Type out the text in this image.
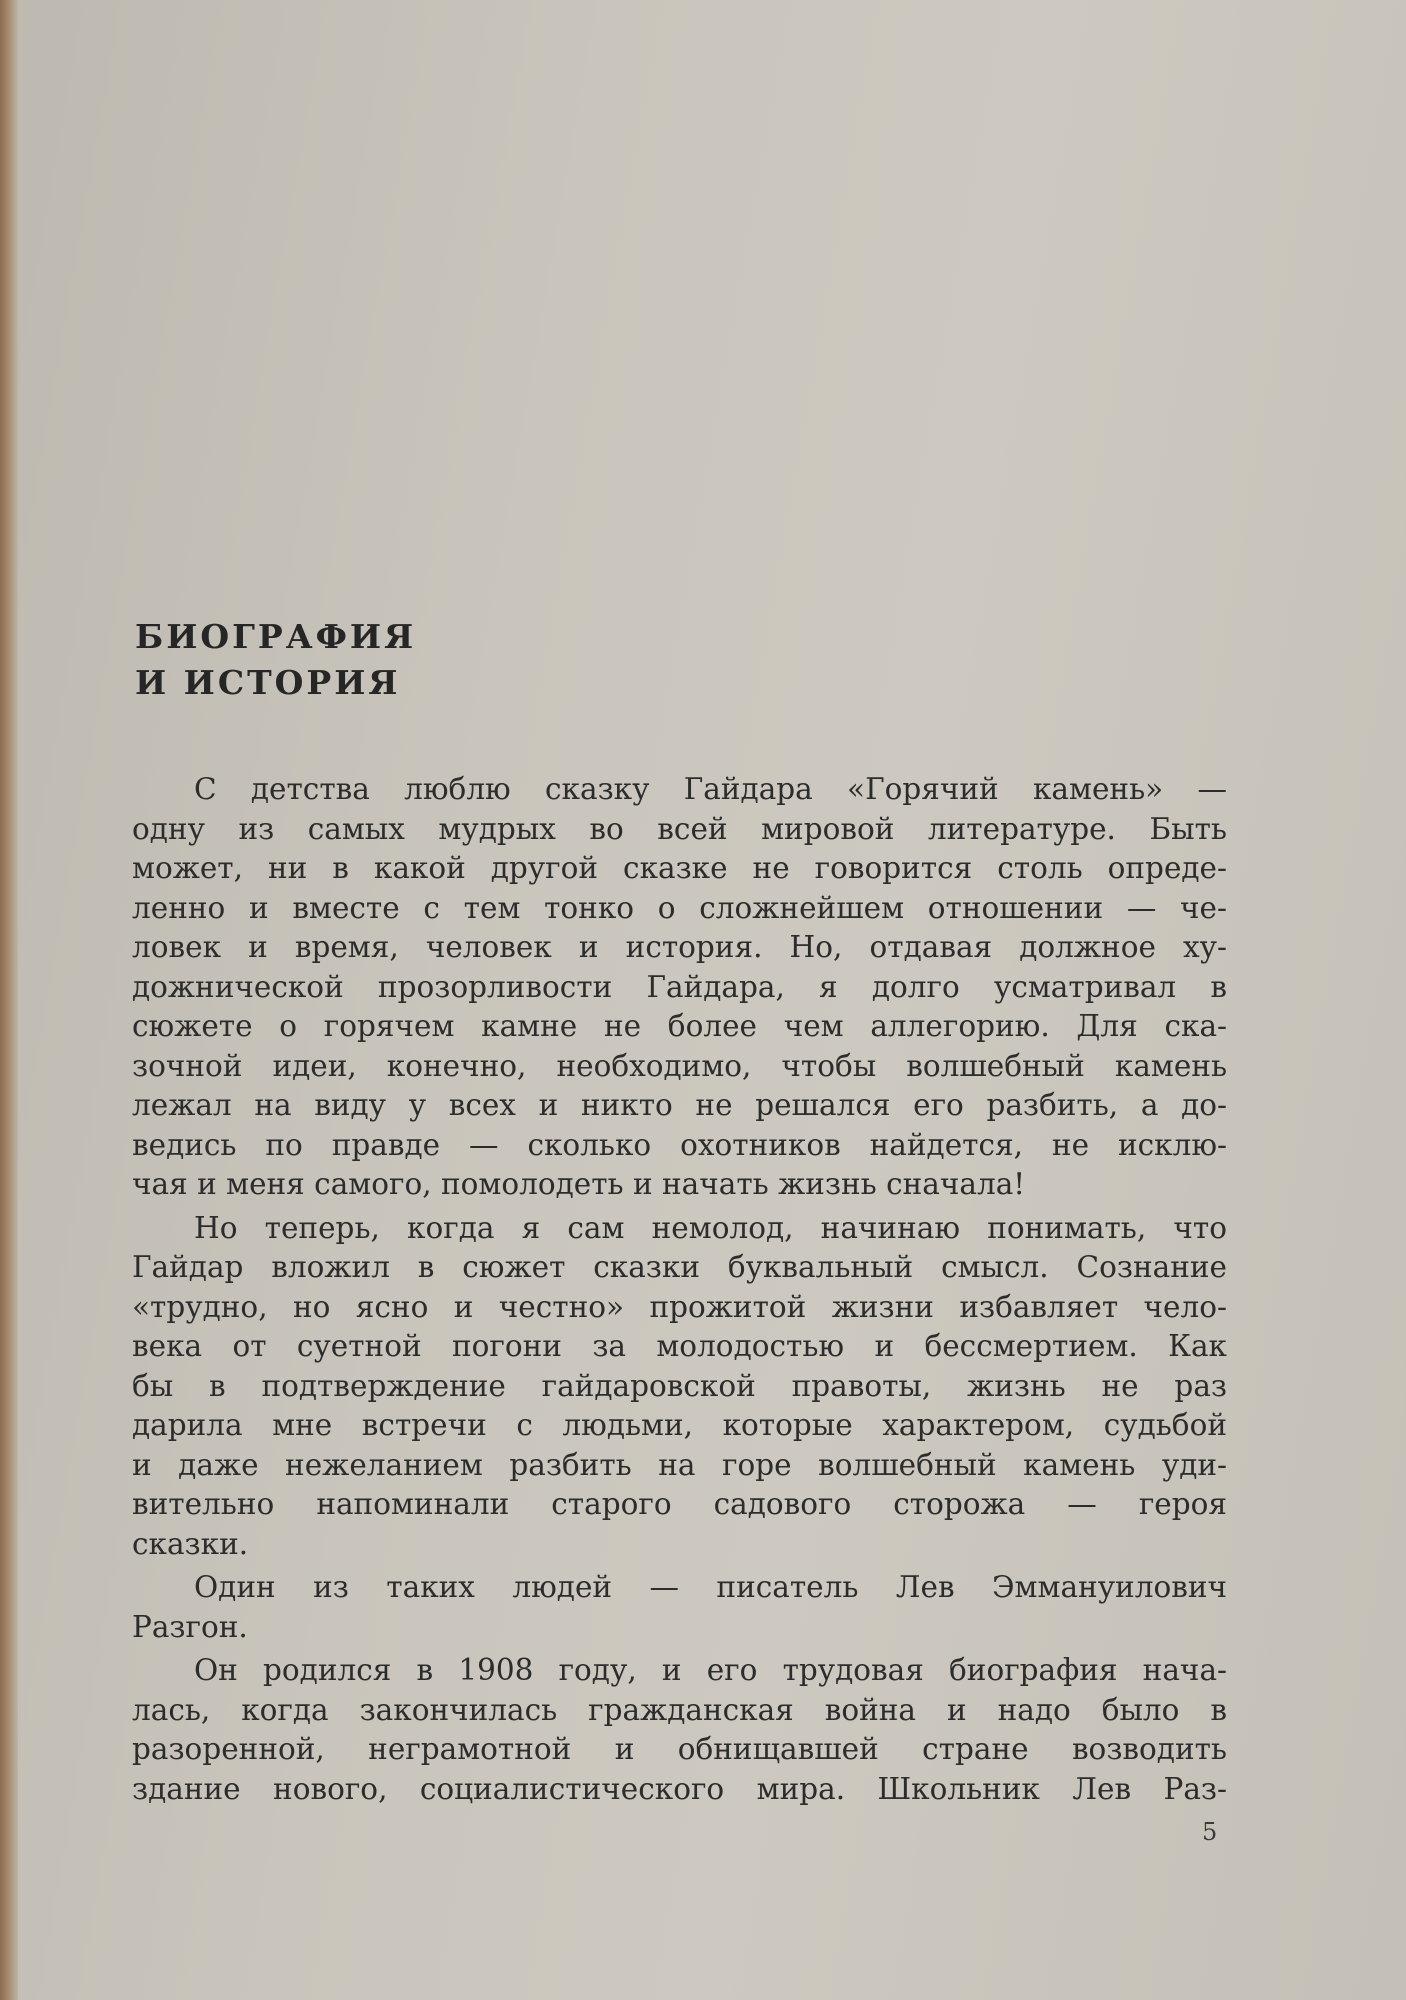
БИОГРАФИЯ
И ИСТОРИЯ

С детства люблю сказку Гайдара «Горячий камень» —
одну из самых мудрых во всей мировой литературе. Быть
может, ни в какой другой сказке не говорится столь опреде-
ленно и вместе с тем тонко о сложнейшем отношении — че-
ловек и время, человек и история. Но, отдавая должное ху-
дожнической прозорливости Гайдара, я долго усматривал в
сюжете о горячем камне не более чем аллегорию. Для ска-
зочной идеи, конечно, необходимо, чтобы волшебный камень
лежал на виду у всех и никто не решался его разбить, а до-
ведись по правде — сколько охотников найдется, не исклю-
чая и меня самого, помолодеть и начать жизнь сначала!

Но теперь, когда я сам немолод, начинаю понимать, что
Гайдар вложил в сюжет сказки буквальный смысл. Сознание
«трудно, но ясно и честно» прожитой жизни избавляет чело-
века от суетной погони за молодостью и бессмертием. Как
бы в подтверждение гайдаровской правоты, жизнь не раз
дарила мне встречи с людьми, которые характером, судьбой
и даже нежеланием разбить на горе волшебный камень уди-
вительно напоминали старого садового сторожа — героя
сказки.

Один из таких людей — писатель Лев Эммануилович
Разгон.

Он родился в 1908 году, и его трудовая биография нача-
лась, когда закончилась гражданская война и надо было в
разоренной, неграмотной и обнищавшей стране возводить
здание нового, социалистического мира. Школьник Лев Раз-

5
